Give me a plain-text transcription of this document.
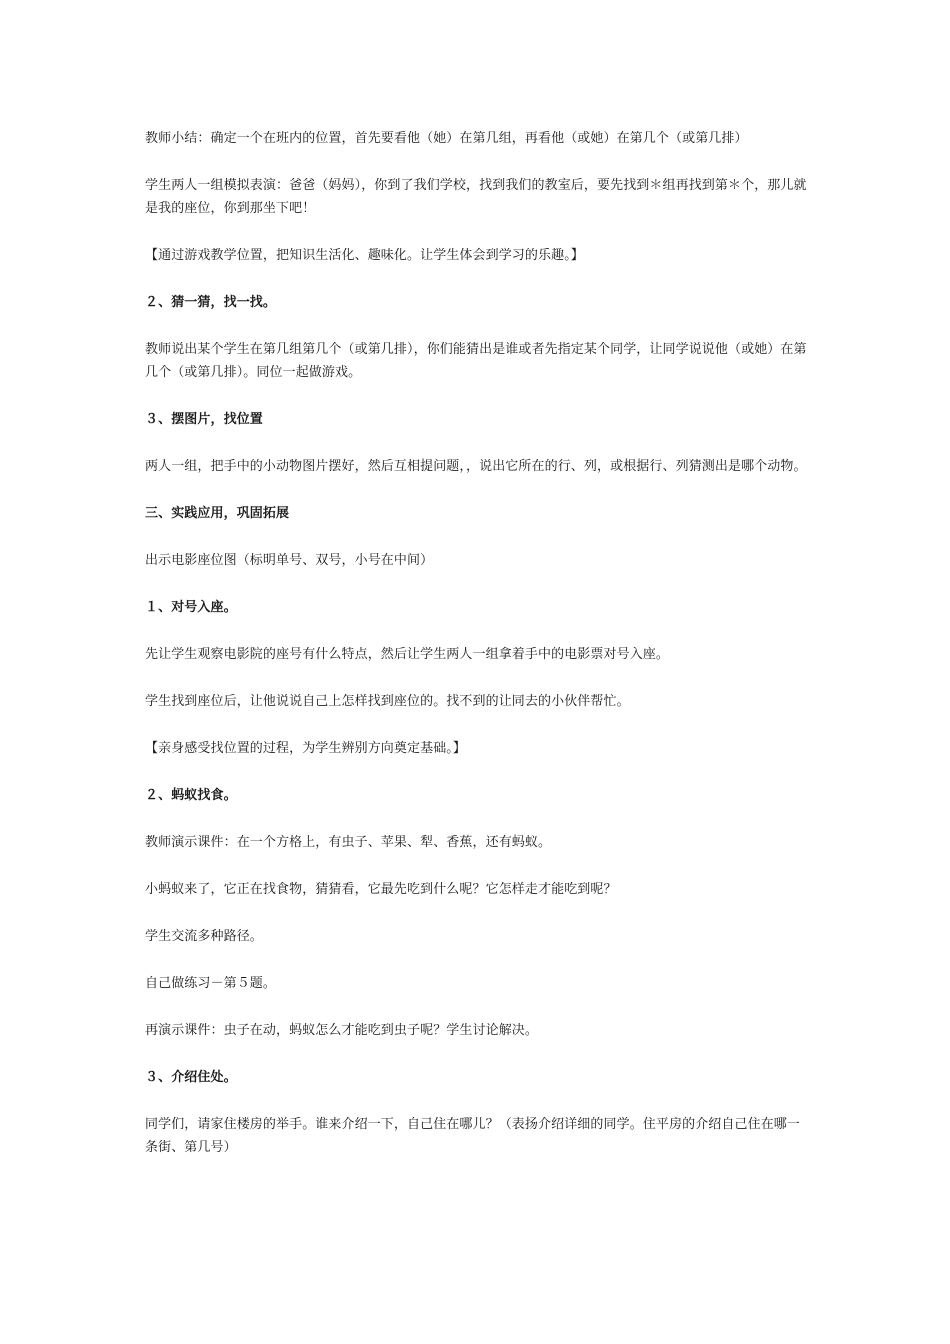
教师小结：确定一个在班内的位置，首先要看他（她）在第几组，再看他（或她）在第几个（或第几排）

学生两人一组模拟表演：爸爸（妈妈），你到了我们学校，找到我们的教室后，要先找到＊组再找到第＊个，那儿就是我的座位，你到那坐下吧！

【通过游戏教学位置，把知识生活化、趣味化。让学生体会到学习的乐趣。】

２、猜一猜，找一找。

教师说出某个学生在第几组第几个（或第几排），你们能猜出是谁或者先指定某个同学，让同学说说他（或她）在第几个（或第几排）。同位一起做游戏。

３、摆图片，找位置

两人一组，把手中的小动物图片摆好，然后互相提问题，，说出它所在的行、列，或根据行、列猜测出是哪个动物。

三、实践应用，巩固拓展

出示电影座位图（标明单号、双号，小号在中间）

１、对号入座。

先让学生观察电影院的座号有什么特点，然后让学生两人一组拿着手中的电影票对号入座。

学生找到座位后，让他说说自己上怎样找到座位的。找不到的让同去的小伙伴帮忙。

【亲身感受找位置的过程，为学生辨别方向奠定基础。】

２、蚂蚁找食。

教师演示课件：在一个方格上，有虫子、苹果、犁、香蕉，还有蚂蚁。

小蚂蚁来了，它正在找食物，猜猜看，它最先吃到什么呢？它怎样走才能吃到呢？

学生交流多种路径。

自己做练习－第５题。

再演示课件：虫子在动，蚂蚁怎么才能吃到虫子呢？学生讨论解决。

３、介绍住处。

同学们，请家住楼房的举手。谁来介绍一下，自己住在哪儿？（表扬介绍详细的同学。住平房的介绍自己住在哪一条街、第几号）
